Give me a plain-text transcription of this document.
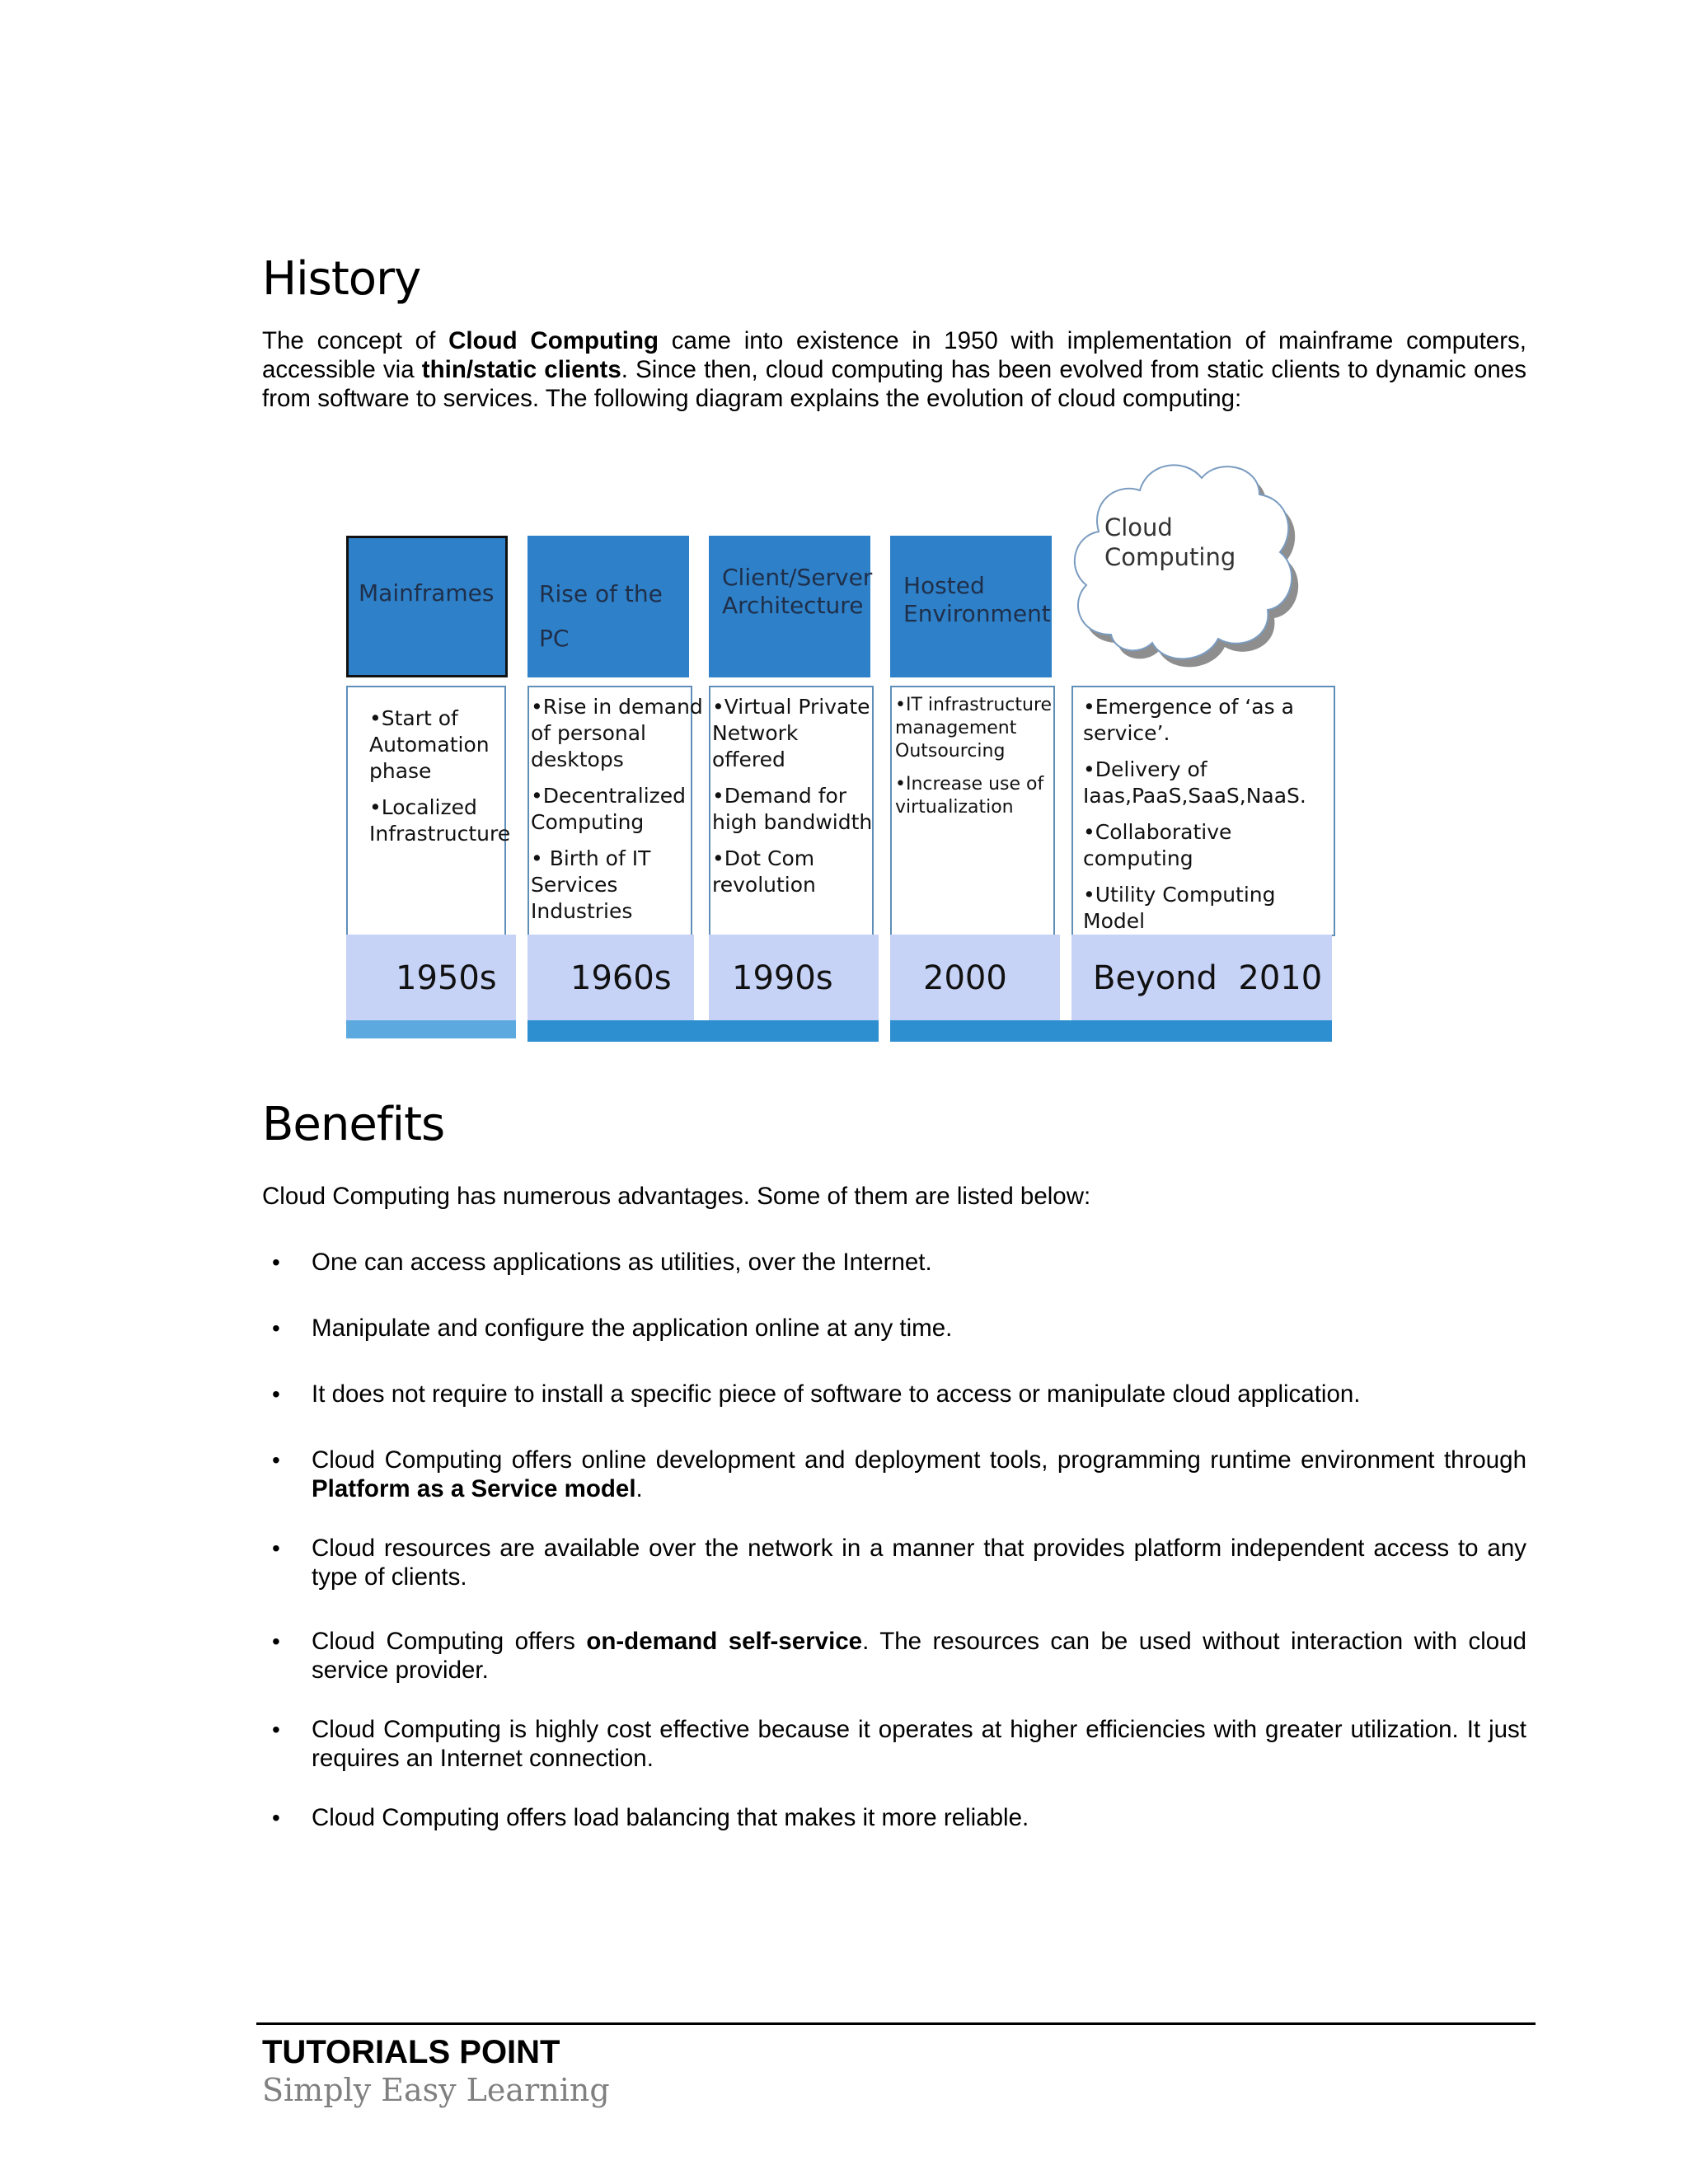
History

The concept of Cloud Computing came into existence in 1950 with implementation of mainframe computers, accessible via thin/static clients. Since then, cloud computing has been evolved from static clients to dynamic ones from software to services. The following diagram explains the evolution of cloud computing:

Mainframes Rise of the PC
Client/Server Architecture
Hosted Environment
Cloud Computing
•Start of Automation phase
•Localized Infrastructure
•Rise in demand of personal desktops
•Decentralized Computing
• Birth of IT Services Industries
•Virtual Private Network offered
•Demand for high bandwidth
•Dot Com revolution
•IT infrastructure management Outsourcing
•Increase use of virtualization
•Emergence of ‘as a service’.
•Delivery of Iaas,PaaS,SaaS,NaaS.
•Collaborative computing
•Utility Computing Model
1950s 1960s 1990s	2000	Beyond  2010
Benefits

Cloud Computing has numerous advantages. Some of them are listed below:

• One can access applications as utilities, over the Internet.
• Manipulate and configure the application online at any time.
• It does not require to install a specific piece of software to access or manipulate cloud application.
• Cloud Computing offers online development and deployment tools, programming runtime environment through Platform as a Service model.
• Cloud resources are available over the network in a manner that provides platform independent access to any type of clients.
• Cloud Computing offers on-demand self-service. The resources can be used without interaction with cloud service provider.
• Cloud Computing is highly cost effective because it operates at higher efficiencies with greater utilization. It just requires an Internet connection.
• Cloud Computing offers load balancing that makes it more reliable.

TUTORIALS POINT

Simply Easy Learning
